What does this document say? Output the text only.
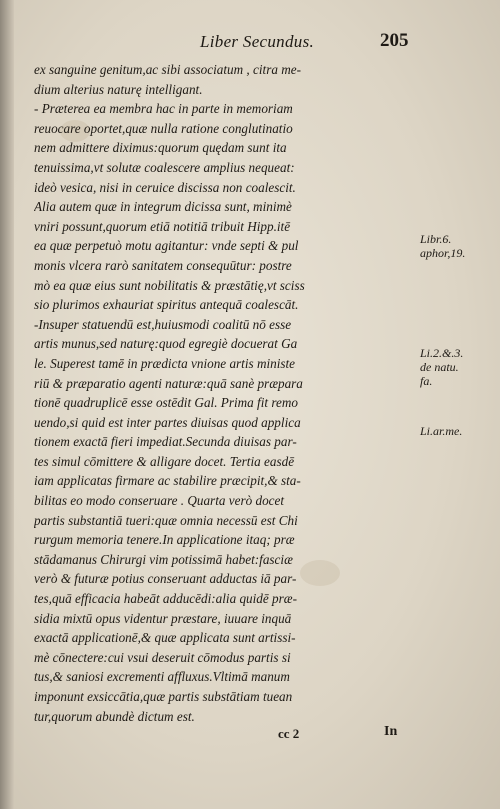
Liber Secundus.	205
ex sanguine genitum,ac sibi associatum , citra me-
dium alterius naturę intelligant.
- Præterea ea membra hac in parte in memoriam
reuocare oportet,quæ nulla ratione conglutinatio
nem admittere diximus:quorum quędam sunt ita
tenuissima,vt solutæ coalescere amplius nequeat:
ideò vesica, nisi in ceruice discissa non coalescit.
Alia autem quæ in integrum dicissa sunt, minimè
vniri possunt,quorum etiā notitiā tribuit Hipp.itē
ea quæ perpetuò motu agitantur: vnde septi & pul
monis vlcera rarò sanitatem consequūtur: postre
mò ea quæ eius sunt nobilitatis & præstātię,vt sciss
sio plurimos exhauriat spiritus antequā coalescāt.
-Insuper statuendū est,huiusmodi coalitū nō esse
artis munus,sed naturę:quod egregiè docuerat Ga
le. Superest tamē in prædicta vnione artis ministe
riū & præparatio agenti naturæ:quā sanè præpara
tionē quadruplicē esse ostēdit Gal. Prima fit remo
uendo,si quid est inter partes diuisas quod applica
tionem exactā fieri impediat.Secunda diuisas par-
tes simul cōmittere & alligare docet. Tertia easdē
iam applicatas firmare ac stabilire præcipit,& sta-
bilitas eo modo conseruare . Quarta verò docet
partis substantiā tueri:quæ omnia necessū est Chi
rurgum memoria tenere.In applicatione itaq; præ
stādamanus Chirurgi vim potissimā habet:fasciæ
verò & futuræ potius conseruant adductas iā par-
tes,quā efficacia habeāt adducēdi:alia quidē præ-
sidia mixtū opus videntur præstare, iuuare inquā
exactā applicationē,& quæ applicata sunt artissi-
mè cōnectere:cui vsui deseruit cōmodus partis si
tus,& saniosi excrementi affluxus.Vltimā manum
imponunt exsiccātia,quæ partis substātiam tuean
tur,quorum abundè dictum est.
Libr.6.
aphor,19.
Li.2.&.3.
de natu.
fa.
Li.ar.me.
cc 2	In
